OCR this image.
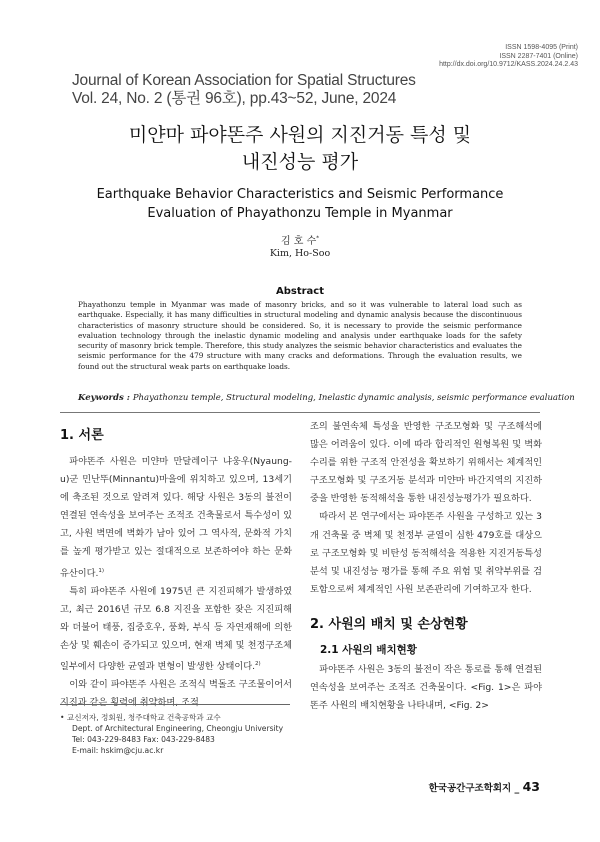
ISSN 1598-4095 (Print)
ISSN 2287-7401 (Online)
http://dx.doi.org/10.9712/KASS.2024.24.2.43
Journal of Korean Association for Spatial Structures
Vol. 24, No. 2 (통권 96호), pp.43~52, June, 2024
미얀마 파야똔주 사원의 지진거동 특성 및
내진성능 평가
Earthquake Behavior Characteristics and Seismic Performance
Evaluation of Phayathonzu Temple in Myanmar
김 호 수*
Kim, Ho-Soo
Abstract
Phayathonzu temple in Myanmar was made of masonry bricks, and so it was vulnerable to lateral load such as earthquake. Especially, it has many difficulties in structural modeling and dynamic analysis because the discontinuous characteristics of masonry structure should be considered. So, it is necessary to provide the seismic performance evaluation technology through the inelastic dynamic modeling and analysis under earthquake loads for the safety security of masonry brick temple. Therefore, this study analyzes the seismic behavior characteristics and evaluates the seismic performance for the 479 structure with many cracks and deformations. Through the evaluation results, we found out the structural weak parts on earthquake loads.
Keywords : Phayathonzu temple, Structural modeling, Inelastic dynamic analysis, seismic performance evaluation
1. 서론

파야똔주 사원은 미얀마 만달레이구 냐웅우(Nyaung-u)군 민난뚜(Minnantu)마을에 위치하고 있으며, 13세기에 축조된 것으로 알려져 있다. 해당 사원은 3동의 불전이 연결된 연속성을 보여주는 조적조 건축물로서 특수성이 있고, 사원 벽면에 벽화가 남아 있어 그 역사적, 문화적 가치를 높게 평가받고 있는 절대적으로 보존하여야 하는 문화유산이다.$^{1)}$

특히 파야똔주 사원에 1975년 큰 지진피해가 발생하였고, 최근 2016년 규모 6.8 지진을 포함한 잦은 지진피해와 더불어 태풍, 집중호우, 풍화, 부식 등 자연재해에 의한 손상 및 훼손이 증가되고 있으며, 현재 벽체 및 천정구조체 일부에서 다양한 균열과 변형이 발생한 상태이다.$^{2)}$

이와 같이 파야똔주 사원은 조적식 벽돌조 구조물이어서 지진과 같은 횡력에 취약하며, 조적

• 교신저자, 정회원, 청주대학교 건축공학과 교수
Dept. of Architectural Engineering, Cheongju University
Tel: 043-229-8483 Fax: 043-229-8483
E-mail: hskim@cju.ac.kr

조의 불연속체 특성을 반영한 구조모형화 및 구조해석에 많은 어려움이 있다. 이에 따라 합리적인 원형복원 및 벽화 수리를 위한 구조적 안전성을 확보하기 위해서는 체계적인 구조모형화 및 구조거동 분석과 미얀마 바간지역의 지진하중을 반영한 동적해석을 통한 내진성능평가가 필요하다.

따라서 본 연구에서는 파야똔주 사원을 구성하고 있는 3개 건축물 중 벽체 및 천정부 균열이 심한 479호를 대상으로 구조모형화 및 비탄성 동적해석을 적용한 지진거동특성 분석 및 내진성능 평가를 통해 주요 위험 및 취약부위를 검토함으로써 체계적인 사원 보존관리에 기여하고자 한다.

2. 사원의 배치 및 손상현황
2.1 사원의 배치현황

파야똔주 사원은 3동의 불전이 작은 통로를 통해 연결된 연속성을 보여주는 조적조 건축물이다. <Fig. 1>은 파야똔주 사원의 배치현황을 나타내며, <Fig. 2>

한국공간구조학회지 _ 43
